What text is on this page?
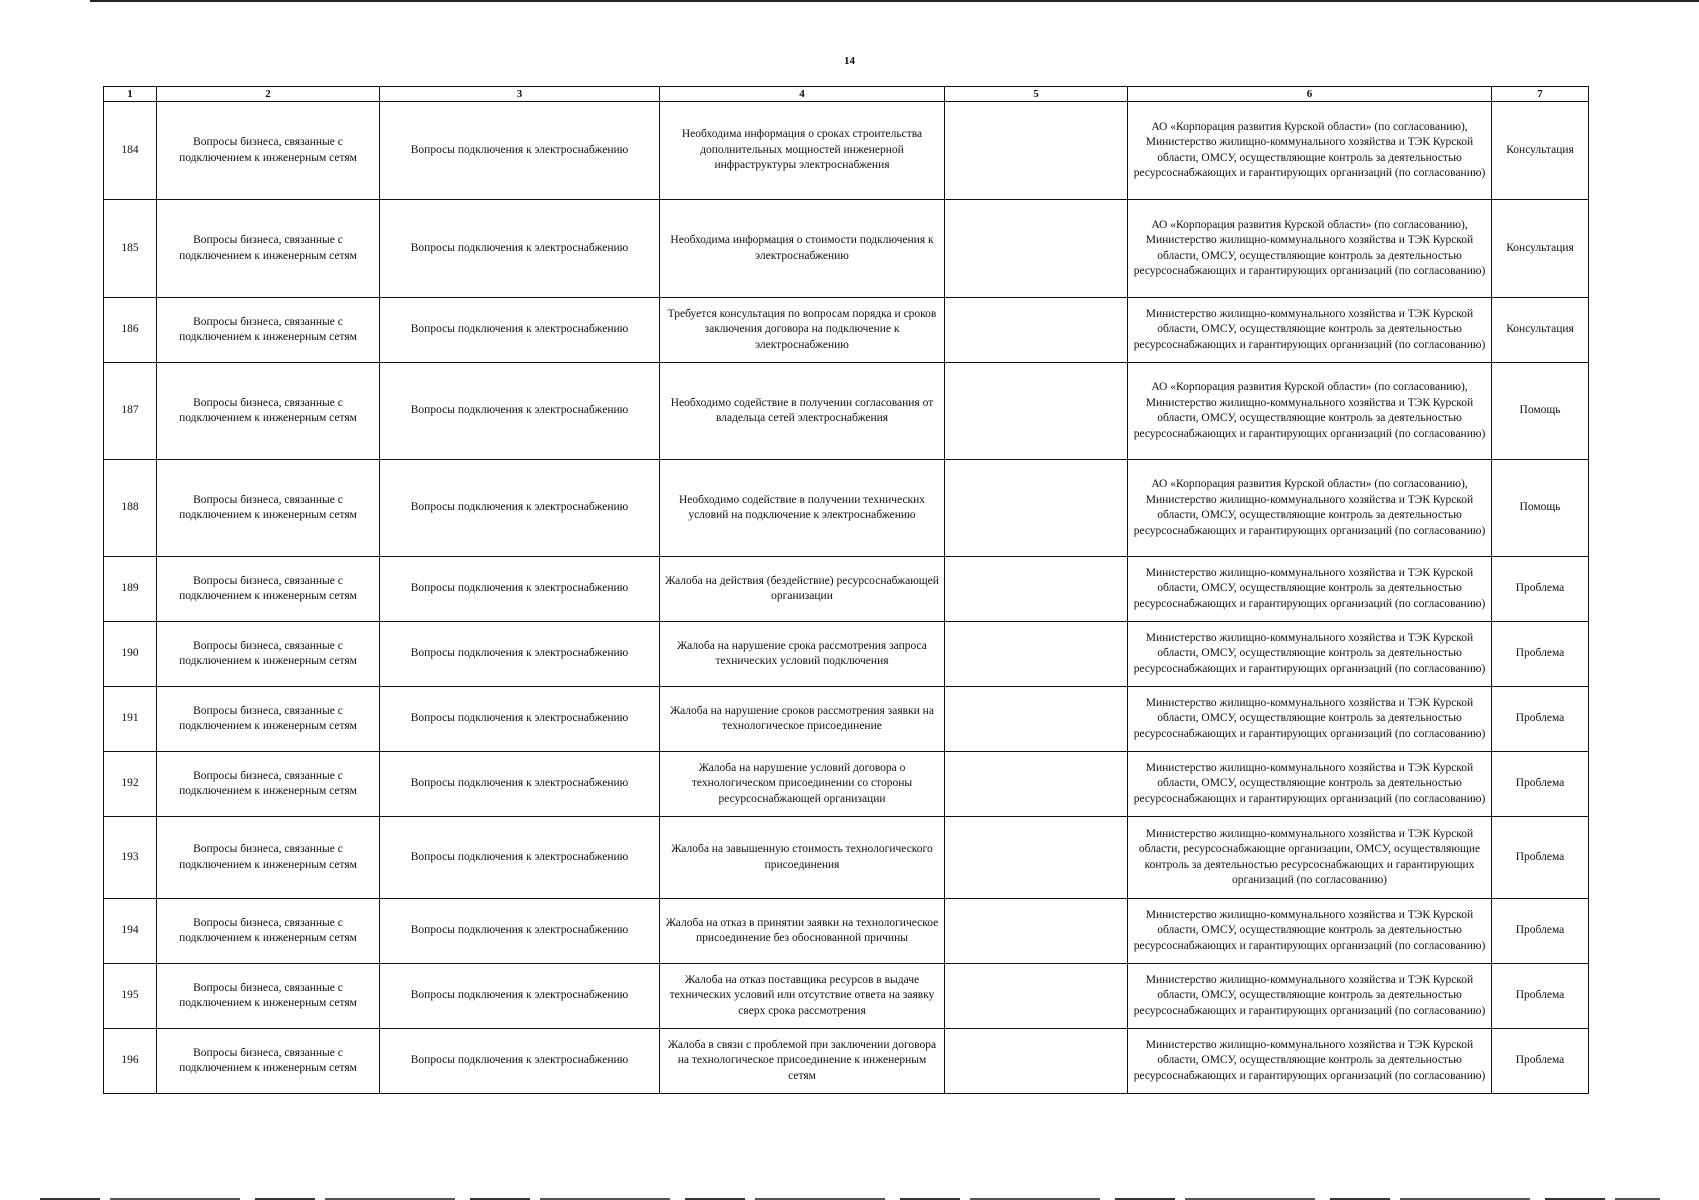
14
1	2	3	4	5	6	7
184	Вопросы бизнеса, связанные с подключением к инженерным сетям	Вопросы подключения к электроснабжению	Необходима информация о сроках строительства дополнительных мощностей инженерной инфраструктуры электроснабжения		АО «Корпорация развития Курской области» (по согласованию), Министерство жилищно-коммунального хозяйства и ТЭК Курской области, ОМСУ, осуществляющие контроль за деятельностью ресурсоснабжающих и гарантирующих организаций (по согласованию)	Консультация
185	Вопросы бизнеса, связанные с подключением к инженерным сетям	Вопросы подключения к электроснабжению	Необходима информация о стоимости подключения к электроснабжению		АО «Корпорация развития Курской области» (по согласованию), Министерство жилищно-коммунального хозяйства и ТЭК Курской области, ОМСУ, осуществляющие контроль за деятельностью ресурсоснабжающих и гарантирующих организаций (по согласованию)	Консультация
186	Вопросы бизнеса, связанные с подключением к инженерным сетям	Вопросы подключения к электроснабжению	Требуется консультация по вопросам порядка и сроков заключения договора на подключение к электроснабжению		Министерство жилищно-коммунального хозяйства и ТЭК Курской области, ОМСУ, осуществляющие контроль за деятельностью ресурсоснабжающих и гарантирующих организаций (по согласованию)	Консультация
187	Вопросы бизнеса, связанные с подключением к инженерным сетям	Вопросы подключения к электроснабжению	Необходимо содействие в получении согласования от владельца сетей электроснабжения		АО «Корпорация развития Курской области» (по согласованию), Министерство жилищно-коммунального хозяйства и ТЭК Курской области, ОМСУ, осуществляющие контроль за деятельностью ресурсоснабжающих и гарантирующих организаций (по согласованию)	Помощь
188	Вопросы бизнеса, связанные с подключением к инженерным сетям	Вопросы подключения к электроснабжению	Необходимо содействие в получении технических условий на подключение к электроснабжению		АО «Корпорация развития Курской области» (по согласованию), Министерство жилищно-коммунального хозяйства и ТЭК Курской области, ОМСУ, осуществляющие контроль за деятельностью ресурсоснабжающих и гарантирующих организаций (по согласованию)	Помощь
189	Вопросы бизнеса, связанные с подключением к инженерным сетям	Вопросы подключения к электроснабжению	Жалоба на действия (бездействие) ресурсоснабжающей организации		Министерство жилищно-коммунального хозяйства и ТЭК Курской области, ОМСУ, осуществляющие контроль за деятельностью ресурсоснабжающих и гарантирующих организаций (по согласованию)	Проблема
190	Вопросы бизнеса, связанные с подключением к инженерным сетям	Вопросы подключения к электроснабжению	Жалоба на нарушение срока рассмотрения запроса технических условий подключения		Министерство жилищно-коммунального хозяйства и ТЭК Курской области, ОМСУ, осуществляющие контроль за деятельностью ресурсоснабжающих и гарантирующих организаций (по согласованию)	Проблема
191	Вопросы бизнеса, связанные с подключением к инженерным сетям	Вопросы подключения к электроснабжению	Жалоба на нарушение сроков рассмотрения заявки на технологическое присоединение		Министерство жилищно-коммунального хозяйства и ТЭК Курской области, ОМСУ, осуществляющие контроль за деятельностью ресурсоснабжающих и гарантирующих организаций (по согласованию)	Проблема
192	Вопросы бизнеса, связанные с подключением к инженерным сетям	Вопросы подключения к электроснабжению	Жалоба на нарушение условий договора о технологическом присоединении со стороны ресурсоснабжающей организации		Министерство жилищно-коммунального хозяйства и ТЭК Курской области, ОМСУ, осуществляющие контроль за деятельностью ресурсоснабжающих и гарантирующих организаций (по согласованию)	Проблема
193	Вопросы бизнеса, связанные с подключением к инженерным сетям	Вопросы подключения к электроснабжению	Жалоба на завышенную стоимость технологического присоединения		Министерство жилищно-коммунального хозяйства и ТЭК Курской области, ресурсоснабжающие организации, ОМСУ, осуществляющие контроль за деятельностью ресурсоснабжающих и гарантирующих организаций (по согласованию)	Проблема
194	Вопросы бизнеса, связанные с подключением к инженерным сетям	Вопросы подключения к электроснабжению	Жалоба на отказ в принятии заявки на технологическое присоединение без обоснованной причины		Министерство жилищно-коммунального хозяйства и ТЭК Курской области, ОМСУ, осуществляющие контроль за деятельностью ресурсоснабжающих и гарантирующих организаций (по согласованию)	Проблема
195	Вопросы бизнеса, связанные с подключением к инженерным сетям	Вопросы подключения к электроснабжению	Жалоба на отказ поставщика ресурсов в выдаче технических условий или отсутствие ответа на заявку сверх срока рассмотрения		Министерство жилищно-коммунального хозяйства и ТЭК Курской области, ОМСУ, осуществляющие контроль за деятельностью ресурсоснабжающих и гарантирующих организаций (по согласованию)	Проблема
196	Вопросы бизнеса, связанные с подключением к инженерным сетям	Вопросы подключения к электроснабжению	Жалоба в связи с проблемой при заключении договора на технологическое присоединение к инженерным сетям		Министерство жилищно-коммунального хозяйства и ТЭК Курской области, ОМСУ, осуществляющие контроль за деятельностью ресурсоснабжающих и гарантирующих организаций (по согласованию)	Проблема
